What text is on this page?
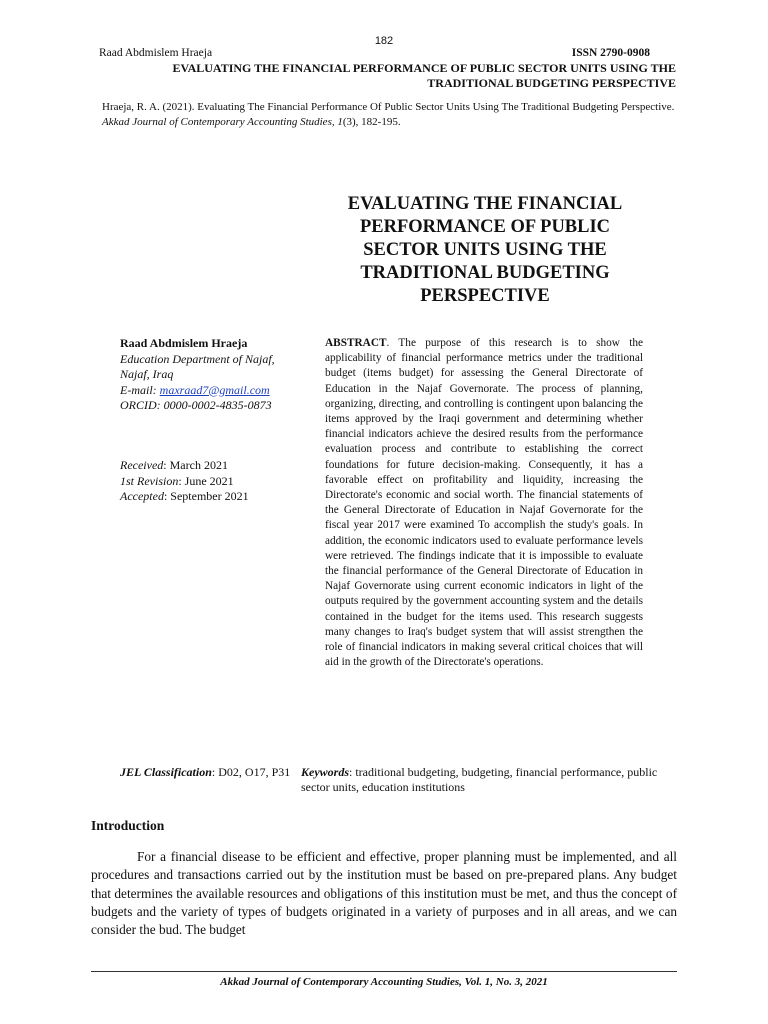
182
Raad Abdmislem Hraeja	ISSN 2790-0908
EVALUATING THE FINANCIAL PERFORMANCE OF PUBLIC SECTOR UNITS USING THE
TRADITIONAL BUDGETING PERSPECTIVE
Hraeja, R. A. (2021). Evaluating The Financial Performance Of Public Sector Units Using The Traditional Budgeting Perspective.
Akkad Journal of Contemporary Accounting Studies, 1(3), 182-195.
EVALUATING THE FINANCIAL
PERFORMANCE OF PUBLIC
SECTOR UNITS USING THE
TRADITIONAL BUDGETING
PERSPECTIVE
Raad Abdmislem Hraeja
Education Department of Najaf,
Najaf, Iraq
E-mail: maxraad7@gmail.com
ORCID: 0000-0002-4835-0873
Received: March 2021
1st Revision: June 2021
Accepted: September 2021
ABSTRACT. The purpose of this research is to show the applicability of financial performance metrics under the traditional budget (items budget) for assessing the General Directorate of Education in the Najaf Governorate. The process of planning, organizing, directing, and controlling is contingent upon balancing the items approved by the Iraqi government and determining whether financial indicators achieve the desired results from the performance evaluation process and contribute to establishing the correct foundations for future decision-making. Consequently, it has a favorable effect on profitability and liquidity, increasing the Directorate's economic and social worth. The financial statements of the General Directorate of Education in Najaf Governorate for the fiscal year 2017 were examined To accomplish the study's goals. In addition, the economic indicators used to evaluate performance levels were retrieved. The findings indicate that it is impossible to evaluate the financial performance of the General Directorate of Education in Najaf Governorate using current economic indicators in light of the outputs required by the government accounting system and the details contained in the budget for the items used. This research suggests many changes to Iraq's budget system that will assist strengthen the role of financial indicators in making several critical choices that will aid in the growth of the Directorate's operations.
JEL Classification: D02, O17, P31 Keywords: traditional budgeting, budgeting, financial performance, public sector units, education institutions
Introduction
For a financial disease to be efficient and effective, proper planning must be implemented, and all procedures and transactions carried out by the institution must be based on pre-prepared plans. Any budget that determines the available resources and obligations of this institution must be met, and thus the concept of budgets and the variety of types of budgets originated in a variety of purposes and in all areas, and we can consider the bud. The budget
Akkad Journal of Contemporary Accounting Studies, Vol. 1, No. 3, 2021
